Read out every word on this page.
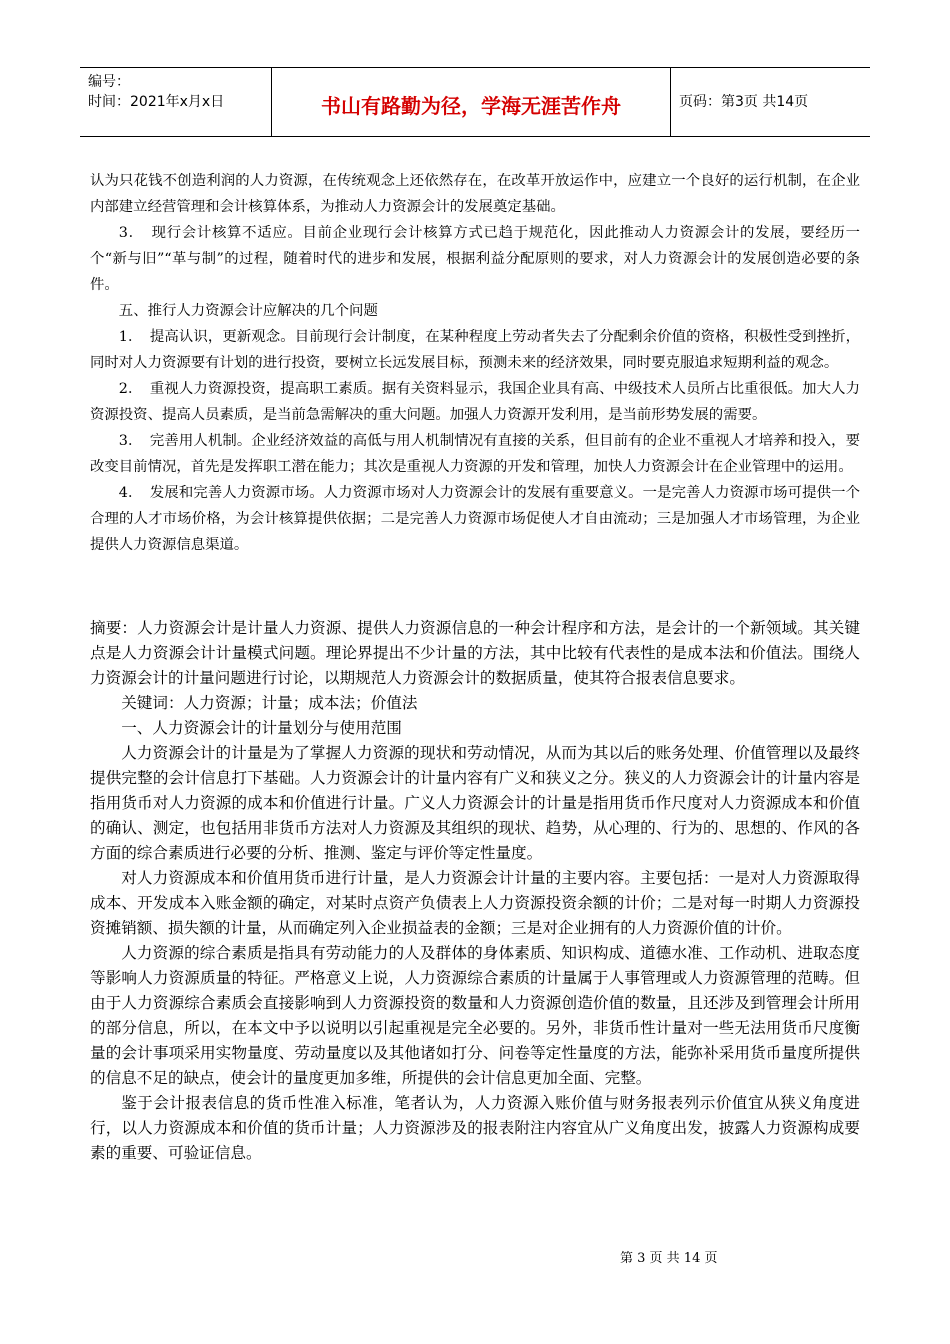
编号：
时间：2021年x月x日	书山有路勤为径，学海无涯苦作舟	页码：第3页 共14页

认为只花钱不创造利润的人力资源，在传统观念上还依然存在，在改革开放运作中，应建立一个良好的运行机制，在企业内部建立经营管理和会计核算体系，为推动人力资源会计的发展奠定基础。

3．　现行会计核算不适应。目前企业现行会计核算方式已趋于规范化，因此推动人力资源会计的发展，要经历一个“新与旧”“革与制”的过程，随着时代的进步和发展，根据利益分配原则的要求，对人力资源会计的发展创造必要的条件。

五、推行人力资源会计应解决的几个问题

1．　提高认识，更新观念。目前现行会计制度，在某种程度上劳动者失去了分配剩余价值的资格，积极性受到挫折，同时对人力资源要有计划的进行投资，要树立长远发展目标，预测未来的经济效果，同时要克服追求短期利益的观念。

2．　重视人力资源投资，提高职工素质。据有关资料显示，我国企业具有高、中级技术人员所占比重很低。加大人力资源投资、提高人员素质，是当前急需解决的重大问题。加强人力资源开发利用，是当前形势发展的需要。

3．　完善用人机制。企业经济效益的高低与用人机制情况有直接的关系，但目前有的企业不重视人才培养和投入，要改变目前情况，首先是发挥职工潜在能力；其次是重视人力资源的开发和管理，加快人力资源会计在企业管理中的运用。

4．　发展和完善人力资源市场。人力资源市场对人力资源会计的发展有重要意义。一是完善人力资源市场可提供一个合理的人才市场价格，为会计核算提供依据；二是完善人力资源市场促使人才自由流动；三是加强人才市场管理，为企业提供人力资源信息渠道。

摘要：人力资源会计是计量人力资源、提供人力资源信息的一种会计程序和方法，是会计的一个新领域。其关键点是人力资源会计计量模式问题。理论界提出不少计量的方法，其中比较有代表性的是成本法和价值法。围绕人力资源会计的计量问题进行讨论，以期规范人力资源会计的数据质量，使其符合报表信息要求。

关键词：人力资源；计量；成本法；价值法

一、人力资源会计的计量划分与使用范围

人力资源会计的计量是为了掌握人力资源的现状和劳动情况，从而为其以后的账务处理、价值管理以及最终提供完整的会计信息打下基础。人力资源会计的计量内容有广义和狭义之分。狭义的人力资源会计的计量内容是指用货币对人力资源的成本和价值进行计量。广义人力资源会计的计量是指用货币作尺度对人力资源成本和价值的确认、测定，也包括用非货币方法对人力资源及其组织的现状、趋势，从心理的、行为的、思想的、作风的各方面的综合素质进行必要的分析、推测、鉴定与评价等定性量度。

对人力资源成本和价值用货币进行计量，是人力资源会计计量的主要内容。主要包括：一是对人力资源取得成本、开发成本入账金额的确定，对某时点资产负债表上人力资源投资余额的计价；二是对每一时期人力资源投资摊销额、损失额的计量，从而确定列入企业损益表的金额；三是对企业拥有的人力资源价值的计价。

人力资源的综合素质是指具有劳动能力的人及群体的身体素质、知识构成、道德水准、工作动机、进取态度等影响人力资源质量的特征。严格意义上说，人力资源综合素质的计量属于人事管理或人力资源管理的范畴。但由于人力资源综合素质会直接影响到人力资源投资的数量和人力资源创造价值的数量，且还涉及到管理会计所用的部分信息，所以，在本文中予以说明以引起重视是完全必要的。另外，非货币性计量对一些无法用货币尺度衡量的会计事项采用实物量度、劳动量度以及其他诸如打分、问卷等定性量度的方法，能弥补采用货币量度所提供的信息不足的缺点，使会计的量度更加多维，所提供的会计信息更加全面、完整。

鉴于会计报表信息的货币性准入标准，笔者认为，人力资源入账价值与财务报表列示价值宜从狭义角度进行，以人力资源成本和价值的货币计量；人力资源涉及的报表附注内容宜从广义角度出发，披露人力资源构成要素的重要、可验证信息。

第 3 页 共 14 页
